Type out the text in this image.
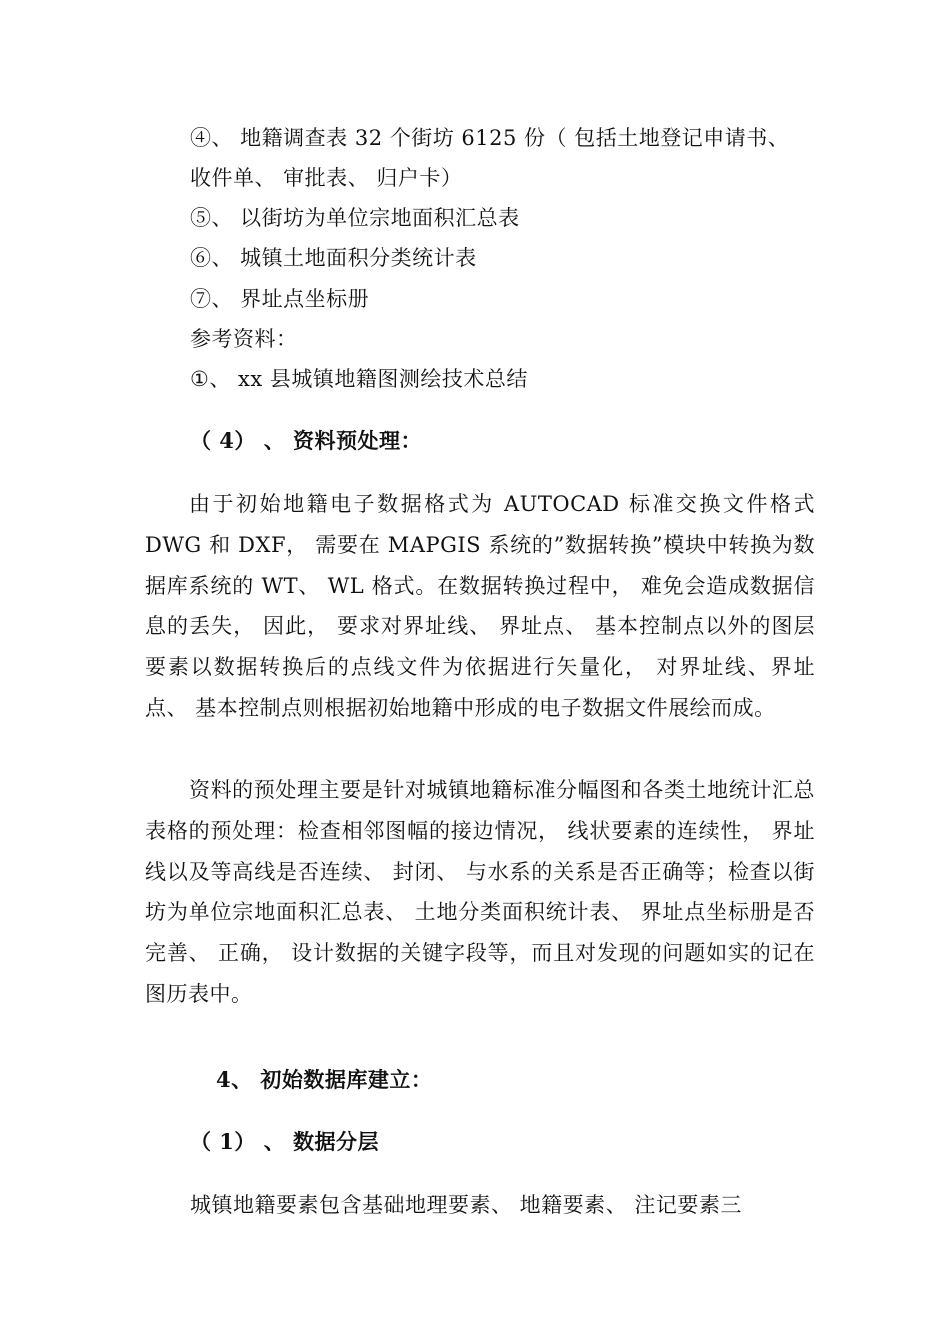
④、 地籍调查表 32 个街坊 6125 份（ 包括土地登记申请书、
收件单、 审批表、 归户卡）
⑤、 以街坊为单位宗地面积汇总表
⑥、 城镇土地面积分类统计表
⑦、 界址点坐标册
参考资料：
①、 xx 县城镇地籍图测绘技术总结
（ 4） 、 资料预处理：

由于初始地籍电子数据格式为 AUTOCAD 标准交换文件格式 DWG 和 DXF， 需要在 MAPGIS 系统的”数据转换”模块中转换为数据库系统的 WT、 WL 格式。在数据转换过程中， 难免会造成数据信息的丢失， 因此， 要求对界址线、 界址点、 基本控制点以外的图层要素以数据转换后的点线文件为依据进行矢量化， 对界址线、界址点、 基本控制点则根据初始地籍中形成的电子数据文件展绘而成。

资料的预处理主要是针对城镇地籍标准分幅图和各类土地统计汇总表格的预处理：检查相邻图幅的接边情况， 线状要素的连续性， 界址线以及等高线是否连续、 封闭、 与水系的关系是否正确等；检查以街坊为单位宗地面积汇总表、 土地分类面积统计表、 界址点坐标册是否完善、 正确， 设计数据的关键字段等，而且对发现的问题如实的记在图历表中。

4、 初始数据库建立：
（ 1） 、 数据分层
城镇地籍要素包含基础地理要素、 地籍要素、 注记要素三
